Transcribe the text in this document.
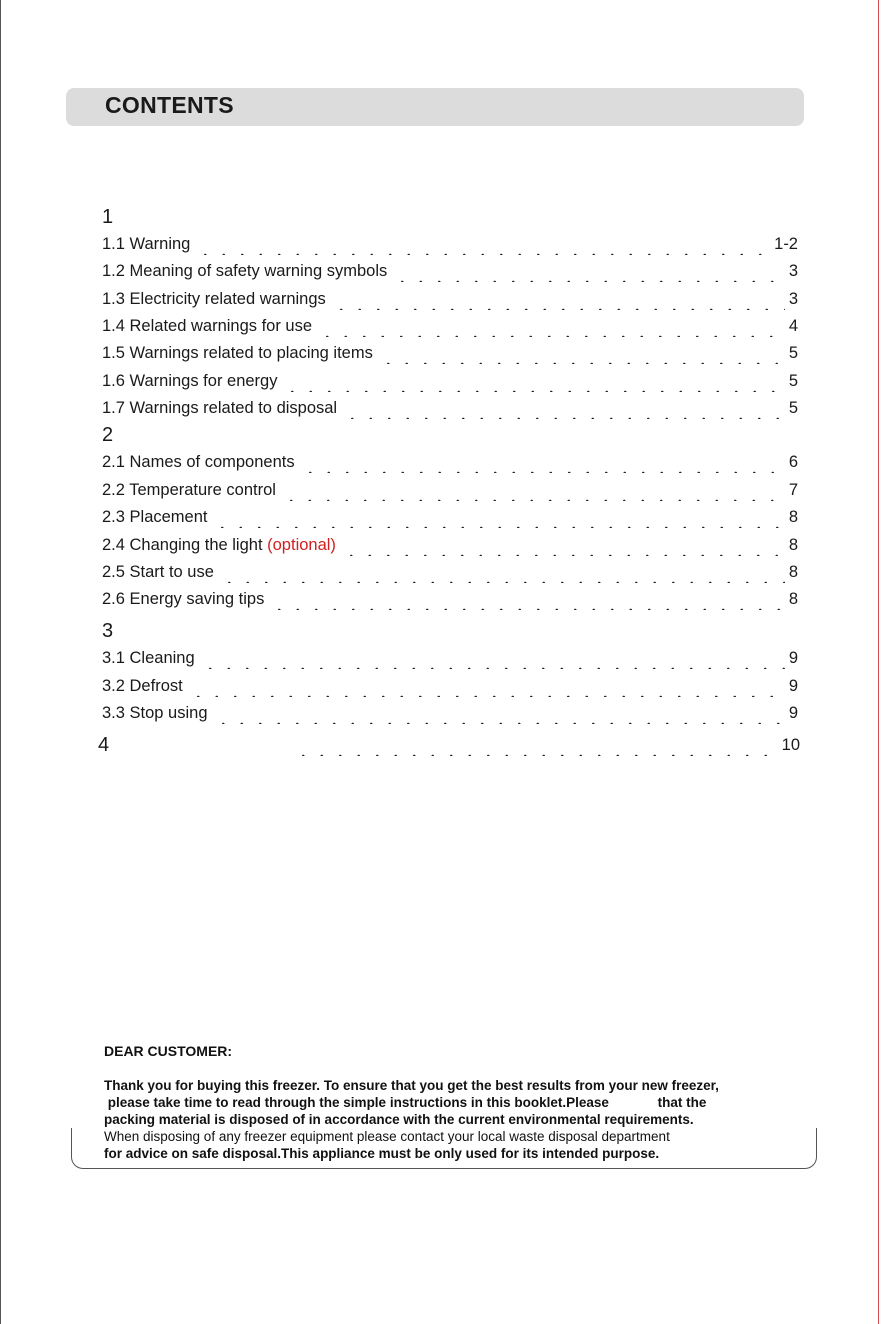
CONTENTS
1
1.1 Warning	1-2
1.2 Meaning of safety warning symbols	3
1.3 Electricity related warnings	3
1.4 Related warnings for use	4
1.5 Warnings related to placing items	5
1.6 Warnings for energy	5
1.7 Warnings related to disposal	5
2
2.1 Names of components	6
2.2 Temperature control	7
2.3 Placement	8
2.4 Changing the light (optional)	8
2.5 Start to use	8
2.6 Energy saving tips	8
3
3.1 Cleaning	9
3.2 Defrost	9
3.3 Stop using	9
4	10
DEAR CUSTOMER:
Thank you for buying this freezer. To ensure that you get the best results from your new freezer,
please take time to read through the simple instructions in this booklet.Please             that the
packing material is disposed of in accordance with the current environmental requirements.
When disposing of any freezer equipment please contact your local waste disposal department
for advice on safe disposal.This appliance must be only used for its intended purpose.
